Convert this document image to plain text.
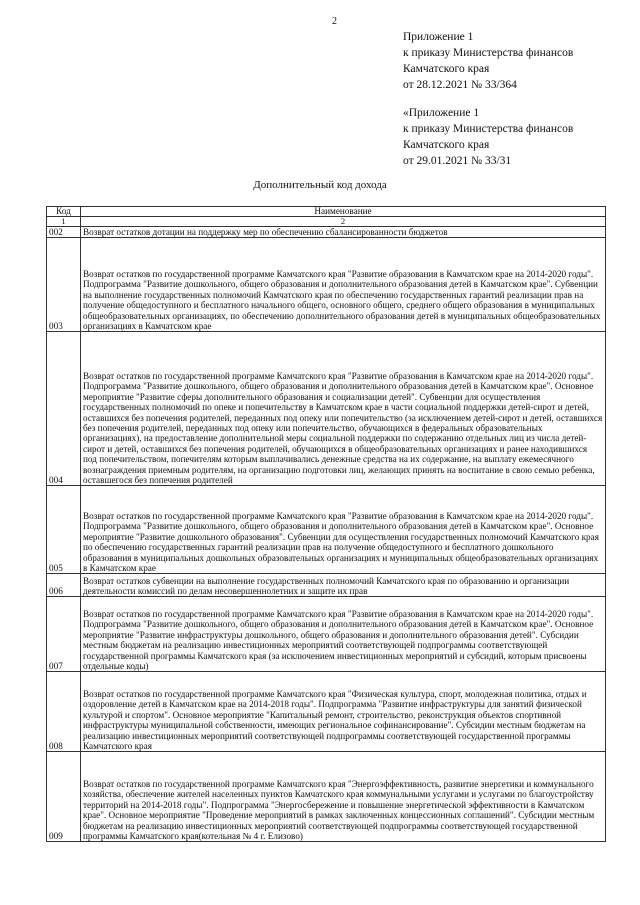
2
Приложение 1
к приказу Министерства финансов
Камчатского края
от 28.12.2021 № 33/364
«Приложение 1
к приказу Министерства финансов
Камчатского края
от 29.01.2021 № 33/31
Дополнительный код дохода
Код	Наименование
1	2
002	Возврат остатков дотации на поддержку мер по обеспечению сбалансированности бюджетов
003	Возврат остатков по государственной программе Камчатского края "Развитие образования в Камчатском крае на 2014-2020 годы". Подпрограмма "Развитие дошкольного, общего образования и дополнительного образования детей в Камчатском крае". Субвенции на выполнение государственных полномочий Камчатского края по обеспечению государственных гарантий реализации прав на получение общедоступного и бесплатного начального общего, основного общего, среднего общего образования в муниципальных общеобразовательных организациях, по обеспечению дополнительного образования детей в муниципальных общеобразовательных организациях в Камчатском крае
004	Возврат остатков по государственной программе Камчатского края "Развитие образования в Камчатском крае на 2014-2020 годы". Подпрограмма "Развитие дошкольного, общего образования и дополнительного образования детей в Камчатском крае". Основное мероприятие "Развитие сферы дополнительного образования и социализации детей". Субвенции для осуществления государственных полномочий по опеке и попечительству в Камчатском крае в части социальной поддержки детей-сирот и детей, оставшихся без попечения родителей, переданных под опеку или попечительство (за исключением детей-сирот и детей, оставшихся без попечения родителей, переданных под опеку или попечительство, обучающихся в федеральных образовательных организациях), на предоставление дополнительной меры социальной поддержки по содержанию отдельных лиц из числа детей-сирот и детей, оставшихся без попечения родителей, обучающихся в общеобразовательных организациях и ранее находившихся под попечительством, попечителям которым выплачивались денежные средства на их содержание, на выплату ежемесячного вознаграждения приемным родителям, на организацию подготовки лиц, желающих принять на воспитание в свою семью ребенка, оставшегося без попечения родителей
005	Возврат остатков по государственной программе Камчатского края "Развитие образования в Камчатском крае на 2014-2020 годы". Подпрограмма "Развитие дошкольного, общего образования и дополнительного образования детей в Камчатском крае". Основное мероприятие "Развитие дошкольного образования". Субвенции для осуществления государственных полномочий Камчатского края по обеспечению государственных гарантий реализации прав на получение общедоступного и бесплатного дошкольного образования в муниципальных дошкольных образовательных организациях и муниципальных общеобразовательных организациях в Камчатском крае
006	Возврат остатков субвенции на выполнение государственных полномочий Камчатского края по образованию и организации деятельности комиссий по делам несовершеннолетних и защите их прав
007	Возврат остатков по государственной программе Камчатского края "Развитие образования в Камчатском крае на 2014-2020 годы". Подпрограмма "Развитие дошкольного, общего образования и дополнительного образования детей в Камчатском крае". Основное мероприятие "Развитие инфраструктуры дошкольного, общего образования и дополнительного образования детей". Субсидии местным бюджетам на реализацию инвестиционных мероприятий соответствующей подпрограммы соответствующей государственной программы Камчатского края (за исключением инвестиционных мероприятий и субсидий, которым присвоены отдельные коды)
008	Возврат остатков по государственной программе Камчатского края "Физическая культура, спорт, молодежная политика, отдых и оздоровление детей в Камчатском крае на 2014-2018 годы". Подпрограмма "Развитие инфраструктуры для занятий физической культурой и спортом". Основное мероприятие "Капитальный ремонт, строительство, реконструкция объектов спортивной инфраструктуры муниципальной собственности, имеющих региональное софинансирование". Субсидии местным бюджетам на реализацию инвестиционных мероприятий соответствующей подпрограммы соответствующей государственной программы Камчатского края
009	Возврат остатков по государственной программе Камчатского края "Энергоэффективность, развитие энергетики и коммунального хозяйства, обеспечение жителей населенных пунктов Камчатского края коммунальными услугами и услугами по благоустройству территорий на 2014-2018 годы". Подпрограмма "Энергосбережение и повышение энергетической эффективности в Камчатском крае". Основное мероприятие "Проведение мероприятий в рамках заключенных концессионных соглашений". Субсидии местным бюджетам на реализацию инвестиционных мероприятий соответствующей подпрограммы соответствующей государственной программы Камчатского края(котельная № 4 г. Елизово)
